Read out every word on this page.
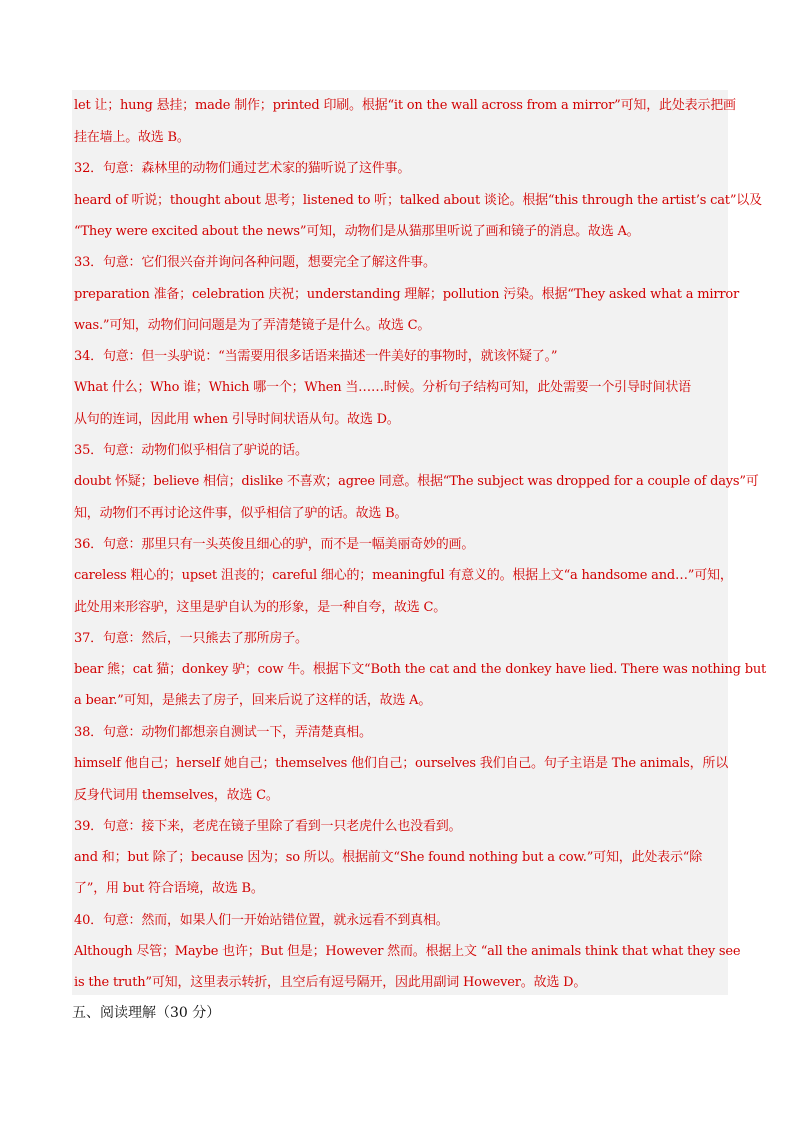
let 让；hung 悬挂；made 制作；printed 印刷。根据“it on the wall across from a mirror”可知，此处表示把画
挂在墙上。故选 B。
32．句意：森林里的动物们通过艺术家的猫听说了这件事。
heard of 听说；thought about 思考；listened to 听；talked about 谈论。根据“this through the artist’s cat”以及
“They were excited about the news”可知，动物们是从猫那里听说了画和镜子的消息。故选 A。
33．句意：它们很兴奋并询问各种问题，想要完全了解这件事。
preparation 准备；celebration 庆祝；understanding 理解；pollution 污染。根据“They asked what a mirror
was.”可知，动物们问问题是为了弄清楚镜子是什么。故选 C。
34．句意：但一头驴说：“当需要用很多话语来描述一件美好的事物时，就该怀疑了。”
What 什么；Who 谁；Which 哪一个；When 当……时候。分析句子结构可知，此处需要一个引导时间状语
从句的连词，因此用 when 引导时间状语从句。故选 D。
35．句意：动物们似乎相信了驴说的话。
doubt 怀疑；believe 相信；dislike 不喜欢；agree 同意。根据“The subject was dropped for a couple of days”可
知，动物们不再讨论这件事，似乎相信了驴的话。故选 B。
36．句意：那里只有一头英俊且细心的驴，而不是一幅美丽奇妙的画。
careless 粗心的；upset 沮丧的；careful 细心的；meaningful 有意义的。根据上文“a handsome and…”可知，
此处用来形容驴，这里是驴自认为的形象，是一种自夸，故选 C。
37．句意：然后，一只熊去了那所房子。
bear 熊；cat 猫；donkey 驴；cow 牛。根据下文“Both the cat and the donkey have lied. There was nothing but
a bear.”可知，是熊去了房子，回来后说了这样的话，故选 A。
38．句意：动物们都想亲自测试一下，弄清楚真相。
himself 他自己；herself 她自己；themselves 他们自己；ourselves 我们自己。句子主语是 The animals，所以
反身代词用 themselves，故选 C。
39．句意：接下来，老虎在镜子里除了看到一只老虎什么也没看到。
and 和；but 除了；because 因为；so 所以。根据前文“She found nothing but a cow.”可知，此处表示“除
了”，用 but 符合语境，故选 B。
40．句意：然而，如果人们一开始站错位置，就永远看不到真相。
Although 尽管；Maybe 也许；But 但是；However 然而。根据上文 “all the animals think that what they see
is the truth”可知，这里表示转折，且空后有逗号隔开，因此用副词 However。故选 D。
五、阅读理解（30 分）
